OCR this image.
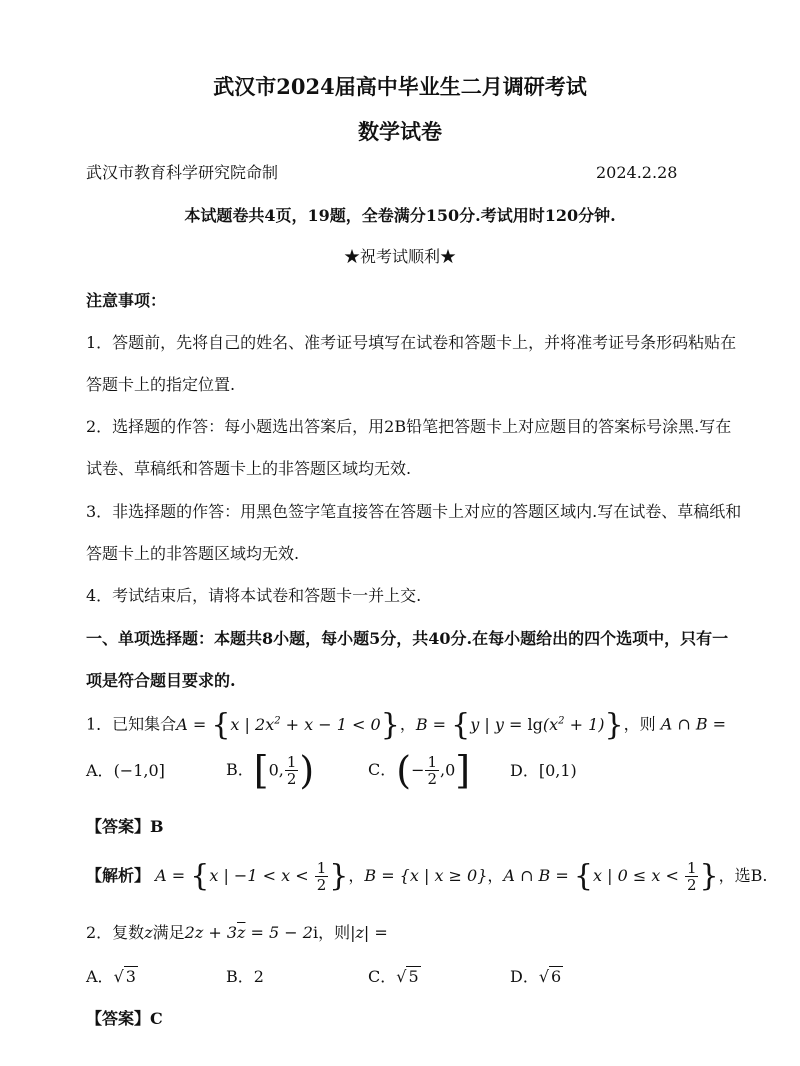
武汉市2024届高中毕业生二月调研考试
数学试卷
武汉市教育科学研究院命制	2024.2.28
本试题卷共4页，19题，全卷满分150分.考试用时120分钟.
★祝考试顺利★
注意事项：
1．答题前，先将自己的姓名、准考证号填写在试卷和答题卡上，并将准考证号条形码粘贴在
答题卡上的指定位置.
2．选择题的作答：每小题选出答案后，用2B铅笔把答题卡上对应题目的答案标号涂黑.写在
试卷、草稿纸和答题卡上的非答题区域均无效.
3．非选择题的作答：用黑色签字笔直接答在答题卡上对应的答题区域内.写在试卷、草稿纸和
答题卡上的非答题区域均无效.
4．考试结束后，请将本试卷和答题卡一并上交.
一、单项选择题：本题共8小题，每小题5分，共40分.在每小题给出的四个选项中，只有一
项是符合题目要求的.
1．已知集合A = {x | $2x^2 + x - 1 < 0$}，B = {y | $y = \lg(x^2 + 1)$}，则 A ∩ B =
A．(−1,0]	B．[0, $\frac{1}{2}$ )	C．(− $\frac{1}{2} ,0$] D．[0,1)
【答案】B
【解析】 A = {x | $-1 < x < \frac{1}{2}$ }，B = {x | x ≥ 0}，A ∩ B = {x | $0 \le x < \frac{1}{2}$ }，选B.
2．复数z满足$2z + 3\overline{z} = 5 - 2i$，则|z| =
A．√ 3	B．2	C．√ 5	D．√ 6
【答案】C
